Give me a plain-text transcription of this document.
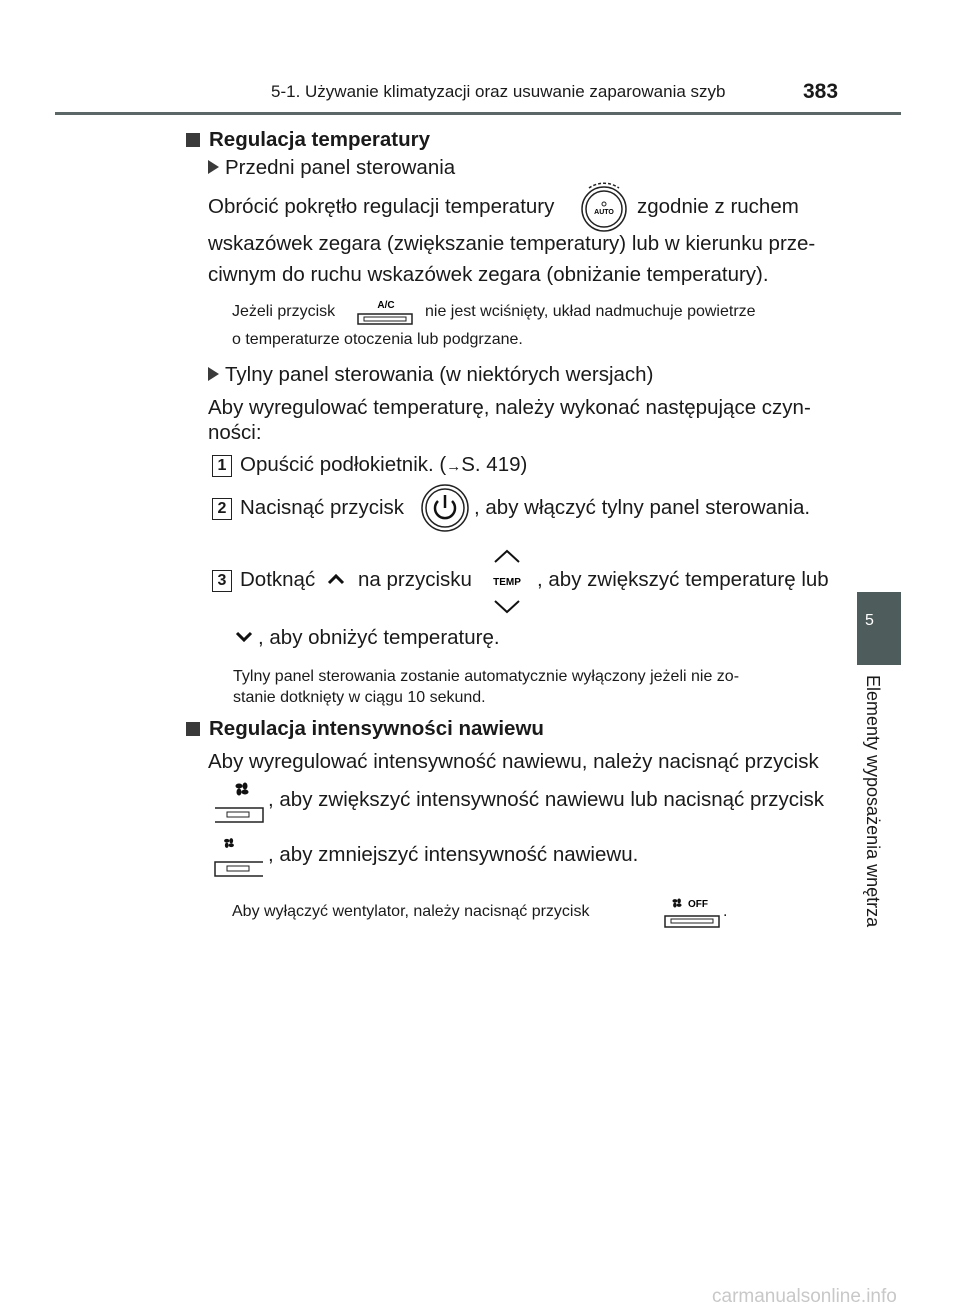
5-1. Używanie klimatyzacji oraz usuwanie zaparowania szyb	383
5
Elementy wyposażenia wnętrza
Regulacja temperatury
Przedni panel sterowania
Obrócić pokrętło regulacji temperatury	AUTO zgodnie z ruchem
wskazówek zegara (zwiększanie temperatury) lub w kierunku prze-
ciwnym do ruchu wskazówek zegara (obniżanie temperatury).
Jeżeli przycisk	A/C nie jest wciśnięty, układ nadmuchuje powietrze
o temperaturze otoczenia lub podgrzane.
Tylny panel sterowania (w niektórych wersjach)
Aby wyregulować temperaturę, należy wykonać następujące czyn-
ności:
1 Opuścić podłokietnik. (→S. 419)
2 Nacisnąć przycisk	, aby włączyć tylny panel sterowania.
3 Dotknąć na przycisku TEMP , aby zwiększyć temperaturę lub
, aby obniżyć temperaturę.
Tylny panel sterowania zostanie automatycznie wyłączony jeżeli nie zo-
stanie dotknięty w ciągu 10 sekund.
Regulacja intensywności nawiewu
Aby wyregulować intensywność nawiewu, należy nacisnąć przycisk
, aby zwiększyć intensywność nawiewu lub nacisnąć przycisk
, aby zmniejszyć intensywność nawiewu.
Aby wyłączyć wentylator, należy nacisnąć przycisk	OFF .
carmanualsonline.info
